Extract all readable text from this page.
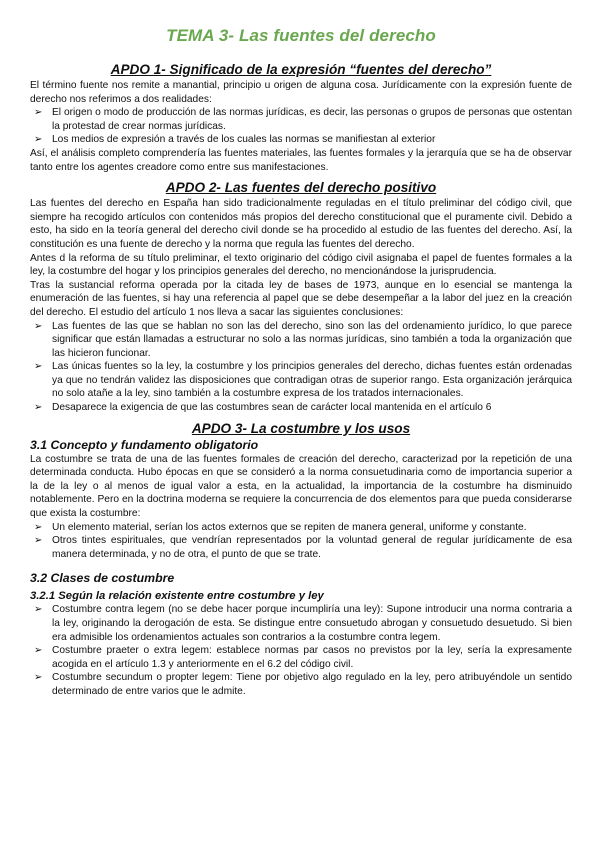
TEMA 3- Las fuentes del derecho
APDO 1- Significado de la expresión “fuentes del derecho”

El término fuente nos remite a manantial, principio u origen de alguna cosa. Jurídicamente con la expresión fuente de derecho nos referimos a dos realidades:

➢ El origen o modo de producción de las normas jurídicas, es decir, las personas o grupos de personas que ostentan la protestad de crear normas jurídicas.
➢ Los medios de expresión a través de los cuales las normas se manifiestan al exterior

Así, el análisis completo comprendería las fuentes materiales, las fuentes formales y la jerarquía que se ha de observar tanto entre los agentes creadore como entre sus manifestaciones.

APDO 2- Las fuentes del derecho positivo

Las fuentes del derecho en España han sido tradicionalmente reguladas en el título preliminar del código civil, que siempre ha recogido artículos con contenidos más propios del derecho constitucional que el puramente civil. Debido a esto, ha sido en la teoría general del derecho civil donde se ha procedido al estudio de las fuentes del derecho. Así, la constitución es una fuente de derecho y la norma que regula las fuentes del derecho.

Antes d la reforma de su título preliminar, el texto originario del código civil asignaba el papel de fuentes formales a la ley, la costumbre del hogar y los principios generales del derecho, no mencionándose la jurisprudencia.

Tras la sustancial reforma operada por la citada ley de bases de 1973, aunque en lo esencial se mantenga la enumeración de las fuentes, si hay una referencia al papel que se debe desempeñar a la labor del juez en la creación del derecho. El estudio del artículo 1 nos lleva a sacar las siguientes conclusiones:

➢ Las fuentes de las que se hablan no son las del derecho, sino son las del ordenamiento jurídico, lo que parece significar que están llamadas a estructurar no solo a las normas jurídicas, sino también a toda la organización que las hicieron funcionar.
➢ Las únicas fuentes so la ley, la costumbre y los principios generales del derecho, dichas fuentes están ordenadas ya que no tendrán validez las disposiciones que contradigan otras de superior rango. Esta organización jerárquica no solo atañe a la ley, sino también a la costumbre expresa de los tratados internacionales.
➢ Desaparece la exigencia de que las costumbres sean de carácter local mantenida en el artículo 6
APDO 3- La costumbre y los usos
3.1 Concepto y fundamento obligatorio

La costumbre se trata de una de las fuentes formales de creación del derecho, caracterizad por la repetición de una determinada conducta. Hubo épocas en que se consideró a la norma consuetudinaria como de importancia superior a la de la ley o al menos de igual valor a esta, en la actualidad, la importancia de la costumbre ha disminuido notablemente. Pero en la doctrina moderna se requiere la concurrencia de dos elementos para que pueda considerarse que exista la costumbre:

➢ Un elemento material, serían los actos externos que se repiten de manera general, uniforme y constante.
➢ Otros tintes espirituales, que vendrían representados por la voluntad general de regular jurídicamente de esa manera determinada, y no de otra, el punto de que se trate.
3.2 Clases de costumbre
3.2.1 Según la relación existente entre costumbre y ley
➢ Costumbre contra legem (no se debe hacer porque incumpliría una ley): Supone introducir una norma contraria a la ley, originando la derogación de esta. Se distingue entre consuetudo abrogan y consuetudo desuetudo. Si bien era admisible los ordenamientos actuales son contrarios a la costumbre contra legem.
➢ Costumbre praeter o extra legem: establece normas par casos no previstos por la ley, sería la expresamente acogida en el artículo 1.3 y anteriormente en el 6.2 del código civil.
➢ Costumbre secundum o propter legem: Tiene por objetivo algo regulado en la ley, pero atribuyéndole un sentido determinado de entre varios que le admite.
